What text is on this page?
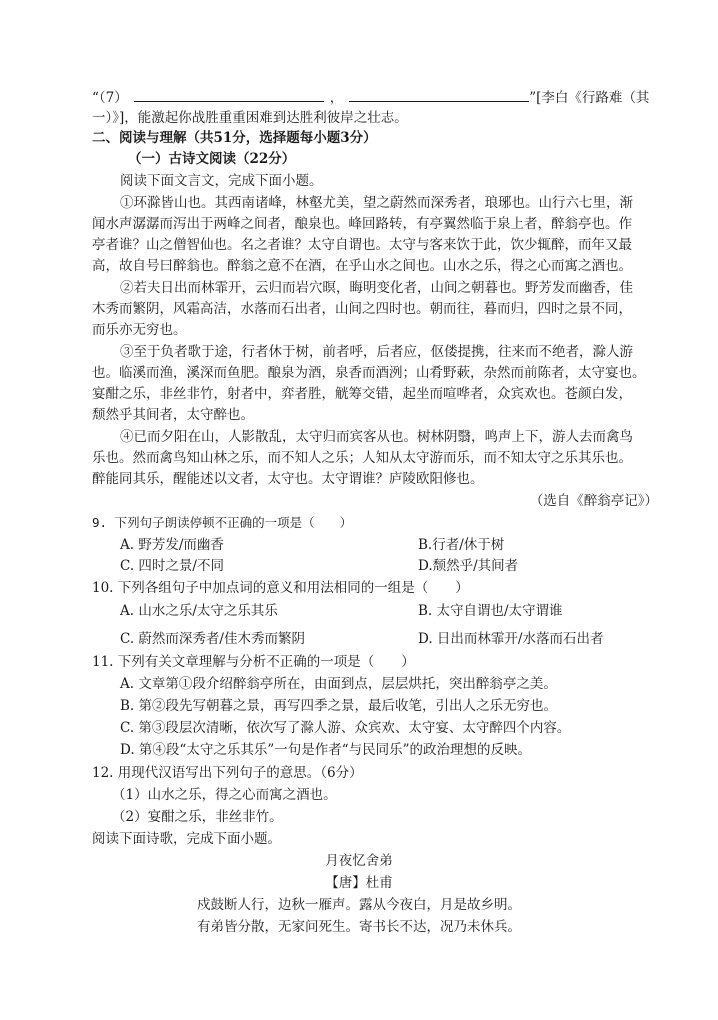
“（7）	，	”[李白《行路难（其
一）》]，能激起你战胜重重困难到达胜利彼岸之壮志。
二、阅读与理解（共51分，选择题每小题3分）
（一）古诗文阅读（22分）
阅读下面文言文，完成下面小题。
①环滁皆山也。其西南诸峰，林壑尤美，望之蔚然而深秀者，琅琊也。山行六七里，渐
闻水声潺潺而泻出于两峰之间者，酿泉也。峰回路转，有亭翼然临于泉上者，醉翁亭也。作
亭者谁？山之僧智仙也。名之者谁？太守自谓也。太守与客来饮于此，饮少辄醉，而年又最
高，故自号曰醉翁也。醉翁之意不在酒，在乎山水之间也。山水之乐，得之心而寓之酒也。
②若夫日出而林霏开，云归而岩穴暝，晦明变化者，山间之朝暮也。野芳发而幽香，佳
木秀而繁阴，风霜高洁，水落而石出者，山间之四时也。朝而往，暮而归，四时之景不同，
而乐亦无穷也。
③至于负者歌于途，行者休于树，前者呼，后者应，伛偻提携，往来而不绝者，滁人游
也。临溪而渔，溪深而鱼肥。酿泉为酒，泉香而酒洌；山肴野蔌，杂然而前陈者，太守宴也。
宴酣之乐，非丝非竹，射者中，弈者胜，觥筹交错，起坐而喧哗者，众宾欢也。苍颜白发，
颓然乎其间者，太守醉也。
④已而夕阳在山，人影散乱，太守归而宾客从也。树林阴翳，鸣声上下，游人去而禽鸟
乐也。然而禽鸟知山林之乐，而不知人之乐；人知从太守游而乐，而不知太守之乐其乐也。
醉能同其乐，醒能述以文者，太守也。太守谓谁？庐陵欧阳修也。
（选自《醉翁亭记》）
9. 下列句子朗读停顿不正确的一项是（　　）
A. 野芳发/而幽香	B.行者/休于树
C. 四时之景/不同	D.颓然乎/其间者
10. 下列各组句子中加点词的意义和用法相同的一组是（　　）
A. 山水之乐/太守之乐其乐	B. 太守自谓也/太守谓谁
C. 蔚然而深秀者/佳木秀而繁阴	D. 日出而林霏开/水落而石出者
11. 下列有关文章理解与分析不正确的一项是（　　）
A. 文章第①段介绍醉翁亭所在，由面到点，层层烘托，突出醉翁亭之美。
B. 第②段先写朝暮之景，再写四季之景，最后收笔，引出人之乐无穷也。
C. 第③段层次清晰，依次写了滁人游、众宾欢、太守宴、太守醉四个内容。
D. 第④段“太守之乐其乐”一句是作者“与民同乐”的政治理想的反映。
12. 用现代汉语写出下列句子的意思。（6分）
（1）山水之乐，得之心而寓之酒也。
（2）宴酣之乐，非丝非竹。
阅读下面诗歌，完成下面小题。
月夜忆舍弟
【唐】杜甫
戍鼓断人行，边秋一雁声。露从今夜白，月是故乡明。
有弟皆分散，无家问死生。寄书长不达，况乃未休兵。
